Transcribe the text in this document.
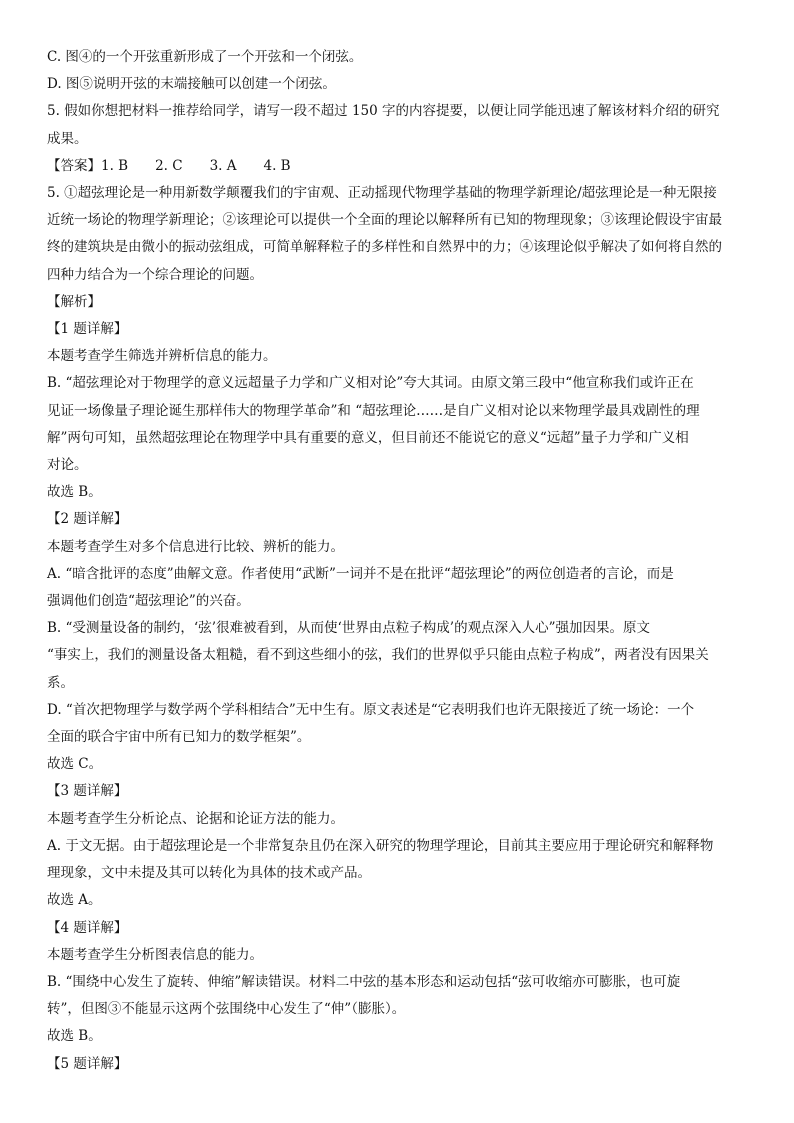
C. 图④的一个开弦重新形成了一个开弦和一个闭弦。
D. 图⑤说明开弦的末端接触可以创建一个闭弦。
5. 假如你想把材料一推荐给同学，请写一段不超过 150 字的内容提要，以便让同学能迅速了解该材料介绍的研究
成果。
【答案】1. B　　2. C　　3. A　　4. B
5. ①超弦理论是一种用新数学颠覆我们的宇宙观、正动摇现代物理学基础的物理学新理论/超弦理论是一种无限接
近统一场论的物理学新理论；②该理论可以提供一个全面的理论以解释所有已知的物理现象；③该理论假设宇宙最
终的建筑块是由微小的振动弦组成，可简单解释粒子的多样性和自然界中的力；④该理论似乎解决了如何将自然的
四种力结合为一个综合理论的问题。
【解析】
【1 题详解】
本题考查学生筛选并辨析信息的能力。
B. “超弦理论对于物理学的意义远超量子力学和广义相对论”夸大其词。由原文第三段中“他宣称我们或许正在
见证一场像量子理论诞生那样伟大的物理学革命”和 “超弦理论……是自广义相对论以来物理学最具戏剧性的理
解”两句可知，虽然超弦理论在物理学中具有重要的意义，但目前还不能说它的意义“远超”量子力学和广义相
对论。
故选 B。
【2 题详解】
本题考查学生对多个信息进行比较、辨析的能力。
A. “暗含批评的态度”曲解文意。作者使用“武断”一词并不是在批评“超弦理论”的两位创造者的言论，而是
强调他们创造“超弦理论”的兴奋。
B. “受测量设备的制约，‘弦’很难被看到，从而使‘世界由点粒子构成’的观点深入人心”强加因果。原文
“事实上，我们的测量设备太粗糙，看不到这些细小的弦，我们的世界似乎只能由点粒子构成”，两者没有因果关
系。
D. “首次把物理学与数学两个学科相结合”无中生有。原文表述是“它表明我们也许无限接近了统一场论：一个
全面的联合宇宙中所有已知力的数学框架”。
故选 C。
【3 题详解】
本题考查学生分析论点、论据和论证方法的能力。
A. 于文无据。由于超弦理论是一个非常复杂且仍在深入研究的物理学理论，目前其主要应用于理论研究和解释物
理现象，文中未提及其可以转化为具体的技术或产品。
故选 A。
【4 题详解】
本题考查学生分析图表信息的能力。
B. “围绕中心发生了旋转、伸缩”解读错误。材料二中弦的基本形态和运动包括“弦可收缩亦可膨胀，也可旋
转”，但图③不能显示这两个弦围绕中心发生了“伸”（膨胀）。
故选 B。
【5 题详解】
